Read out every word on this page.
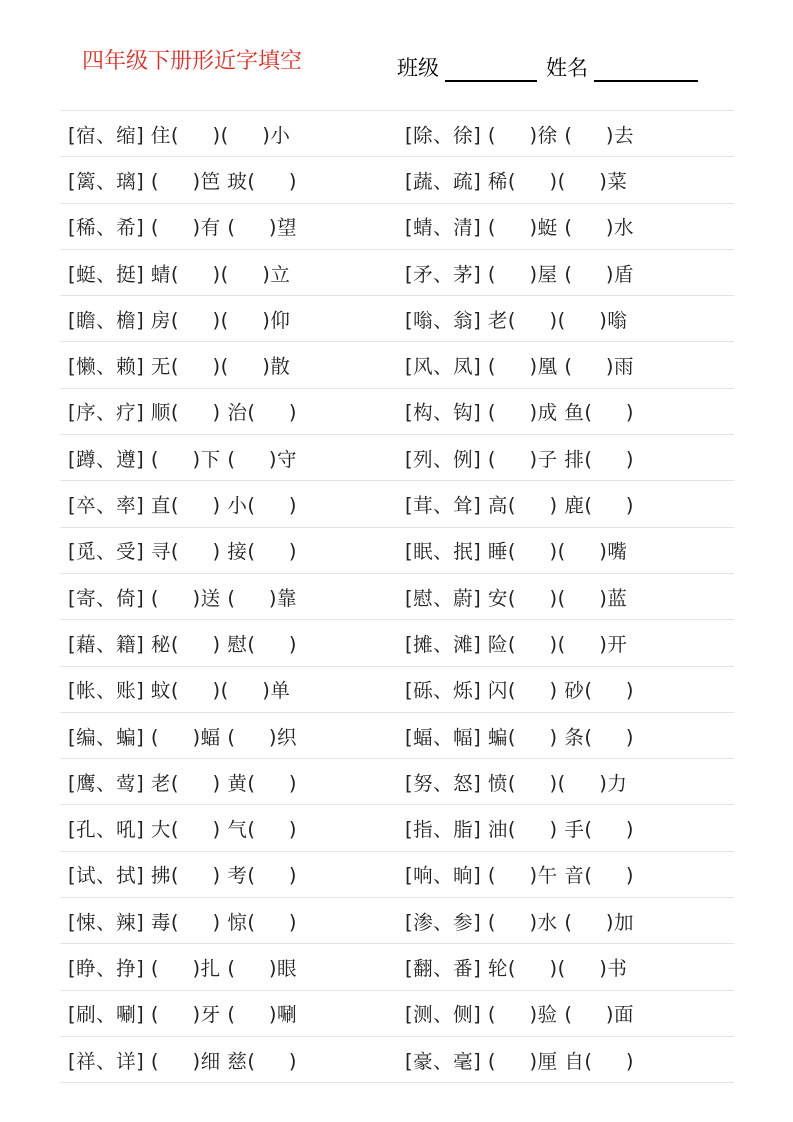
四年级下册形近字填空	班级	姓名
[宿、缩] 住(     )(     )小	[除、徐] (     )徐 (     )去
[篱、璃] (     )笆 玻(     )	[蔬、疏] 稀(     )(     )菜
[稀、希] (     )有 (     )望	[蜻、清] (     )蜓 (     )水
[蜓、挺] 蜻(     )(     )立	[矛、茅] (     )屋 (     )盾
[瞻、檐] 房(     )(     )仰	[嗡、翁] 老(     )(     )嗡
[懒、赖] 无(     )(     )散	[风、凤] (     )凰 (     )雨
[序、疗] 顺(     ) 治(     )	[构、钩] (     )成 鱼(     )
[蹲、遵] (     )下 (     )守	[列、例] (     )子 排(     )
[卒、率] 直(     ) 小(     )	[茸、耸] 高(     ) 鹿(     )
[觅、受] 寻(     ) 接(     )	[眠、抿] 睡(     )(     )嘴
[寄、倚] (     )送 (     )靠	[慰、蔚] 安(     )(     )蓝
[藉、籍] 秘(     ) 慰(     )	[摊、滩] 险(     )(     )开
[帐、账] 蚊(     )(     )单	[砾、烁] 闪(     ) 砂(     )
[编、蝙] (     )蝠 (     )织	[蝠、幅] 蝙(     ) 条(     )
[鹰、莺] 老(     ) 黄(     )	[努、怒] 愤(     )(     )力
[孔、吼] 大(     ) 气(     )	[指、脂] 油(     ) 手(     )
[试、拭] 拂(     ) 考(     )	[响、晌] (     )午 音(     )
[悚、辣] 毒(     ) 惊(     )	[渗、参] (     )水 (     )加
[睁、挣] (     )扎 (     )眼	[翻、番] 轮(     )(     )书
[刷、唰] (     )牙 (     )唰	[测、侧] (     )验 (     )面
[祥、详] (     )细 慈(     )	[豪、毫] (     )厘 自(     )
